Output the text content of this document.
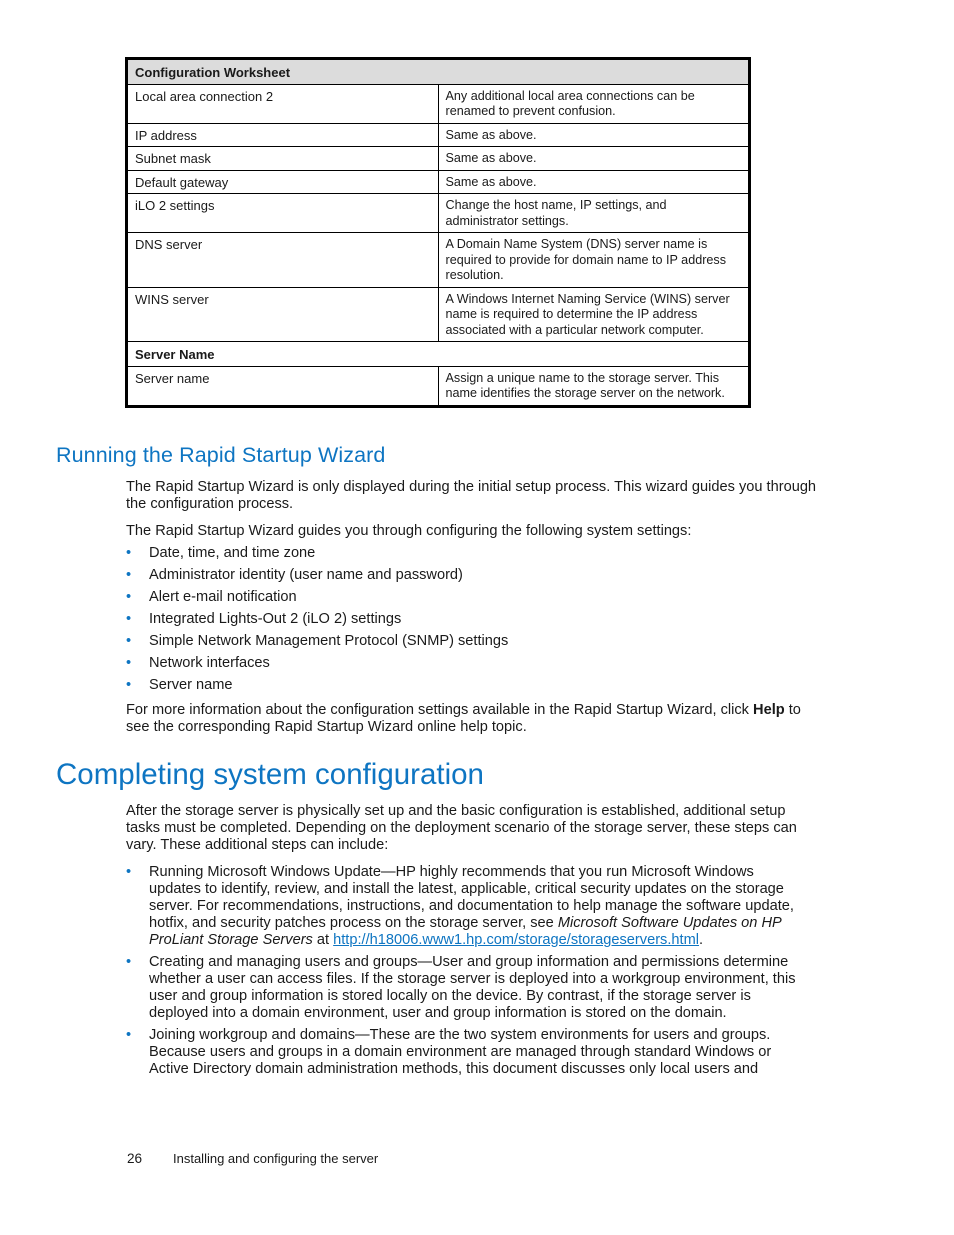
Configuration Worksheet	
Local area connection 2	Any additional local area connections can be renamed to prevent confusion.
IP address	Same as above.
Subnet mask	Same as above.
Default gateway	Same as above.
iLO 2 settings	Change the host name, IP settings, and administrator settings.
DNS server	A Domain Name System (DNS) server name is required to provide for domain name to IP address resolution.
WINS server	A Windows Internet Naming Service (WINS) server name is required to determine the IP address associated with a particular network computer.
Server Name	
Server name	Assign a unique name to the storage server. This name identifies the storage server on the network.
Running the Rapid Startup Wizard

The Rapid Startup Wizard is only displayed during the initial setup process. This wizard guides you through the configuration process.

The Rapid Startup Wizard guides you through configuring the following system settings:

• Date, time, and time zone
• Administrator identity (user name and password)
• Alert e-mail notification
• Integrated Lights-Out 2 (iLO 2) settings
• Simple Network Management Protocol (SNMP) settings
• Network interfaces
• Server name

For more information about the configuration settings available in the Rapid Startup Wizard, click Help to see the corresponding Rapid Startup Wizard online help topic.

Completing system configuration

After the storage server is physically set up and the basic configuration is established, additional setup tasks must be completed. Depending on the deployment scenario of the storage server, these steps can vary. These additional steps can include:

• Running Microsoft Windows Update—HP highly recommends that you run Microsoft Windows updates to identify, review, and install the latest, applicable, critical security updates on the storage server. For recommendations, instructions, and documentation to help manage the software update, hotfix, and security patches process on the storage server, see Microsoft Software Updates on HP ProLiant Storage Servers at http://h18006.www1.hp.com/storage/storageservers.html.
• Creating and managing users and groups—User and group information and permissions determine whether a user can access files. If the storage server is deployed into a workgroup environment, this user and group information is stored locally on the device. By contrast, if the storage server is deployed into a domain environment, user and group information is stored on the domain.
• Joining workgroup and domains—These are the two system environments for users and groups. Because users and groups in a domain environment are managed through standard Windows or Active Directory domain administration methods, this document discusses only local users and
26 Installing and configuring the server
